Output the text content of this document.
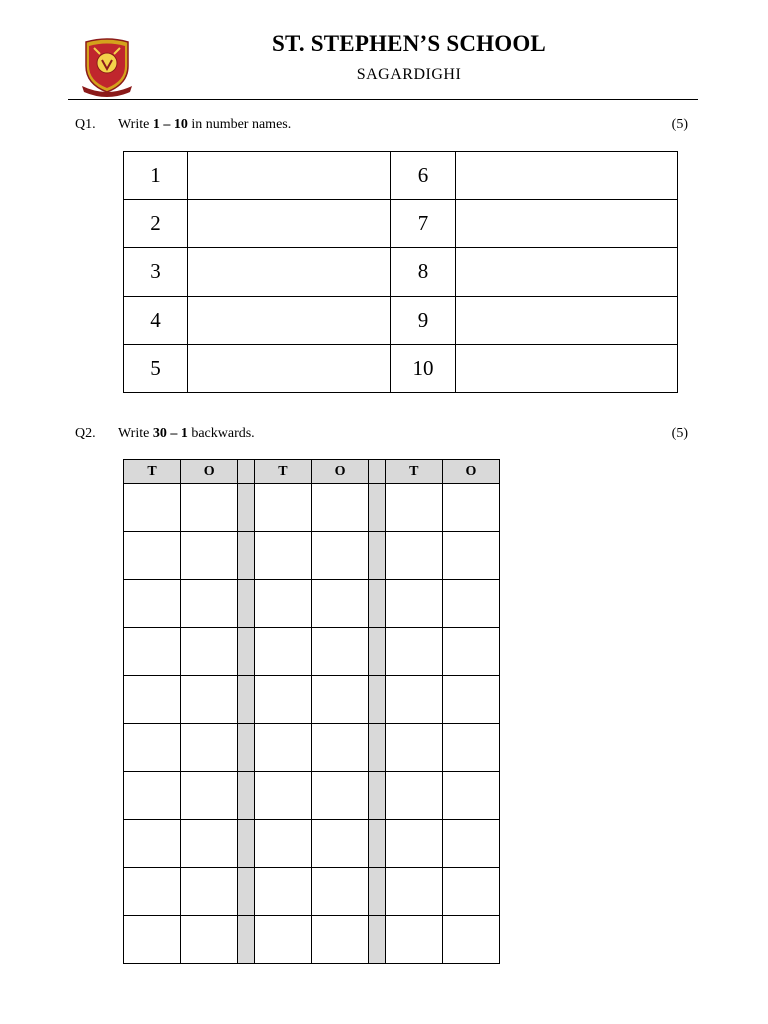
ST. STEPHEN’S SCHOOL
SAGARDIGHI
Q1. Write 1 – 10 in number names.	(5)
1		6	
2		7	
3		8	
4		9	
5		10	
Q2. Write 30 – 1 backwards.	(5)
T	O		T	O		T	O
